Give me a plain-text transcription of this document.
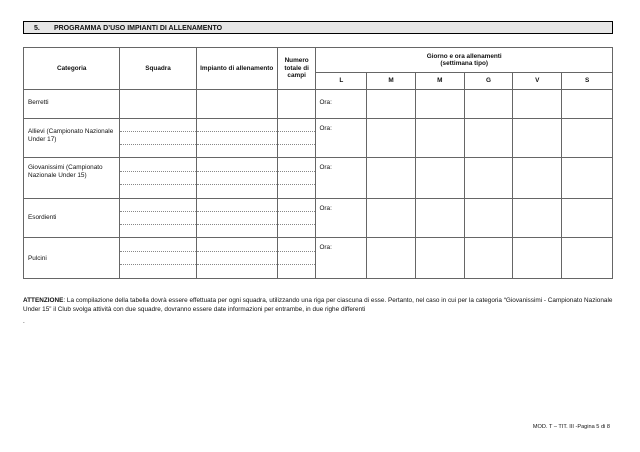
5. PROGRAMMA D’USO IMPIANTI DI ALLENAMENTO
Categoria	Squadra	Impianto di allenamento	Numero totale di campi	Giorno e ora allenamenti
(settimana tipo)					

				L	M	M	G	V	S
Berretti				Ora:					
Allievi (Campionato Nazionale Under 17)				Ora:					
Giovanissimi (Campionato Nazionale Under 15)				Ora:					
Esordienti				Ora:					
Pulcini				Ora:					
ATTENZIONE: La compilazione della tabella dovrà essere effettuata per ogni squadra, utilizzando una riga per ciascuna di esse. Pertanto, nel caso in cui per la categoria “Giovanissimi - Campionato Nazionale Under 15” il Club svolga attività con due squadre, dovranno essere date informazioni per entrambe, in due righe differenti
.
MOD. T – TIT. III -Pagina 5 di 8
